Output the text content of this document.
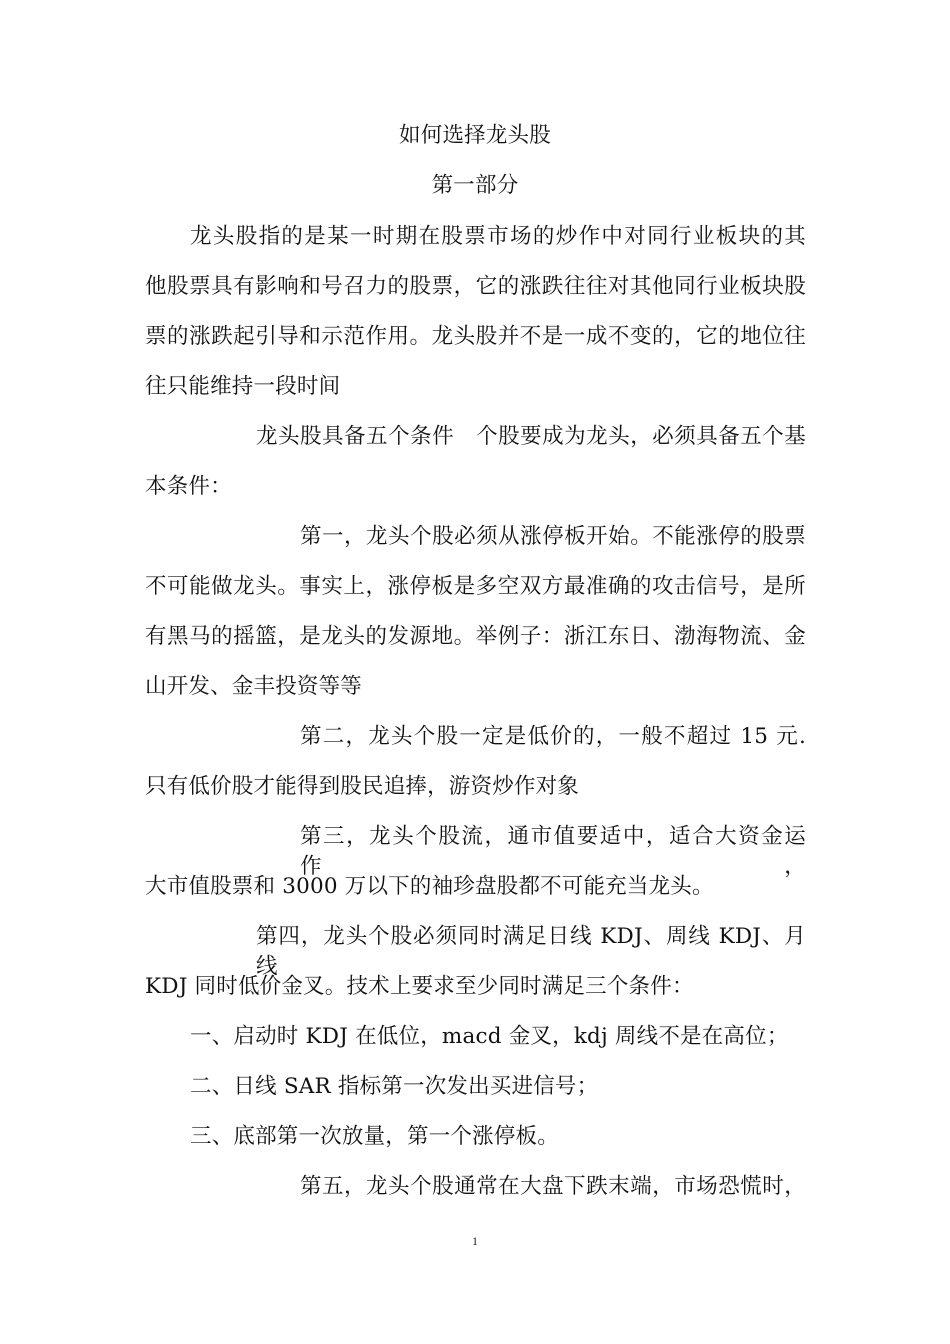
如何选择龙头股
第一部分
龙头股指的是某一时期在股票市场的炒作中对同行业板块的其
他股票具有影响和号召力的股票，它的涨跌往往对其他同行业板块股
票的涨跌起引导和示范作用。龙头股并不是一成不变的，它的地位往
往只能维持一段时间
龙头股具备五个条件　个股要成为龙头，必须具备五个基
本条件：
第一，龙头个股必须从涨停板开始。不能涨停的股票
不可能做龙头。事实上，涨停板是多空双方最准确的攻击信号，是所
有黑马的摇篮，是龙头的发源地。举例子：浙江东日、渤海物流、金
山开发、金丰投资等等
第二，龙头个股一定是低价的，一般不超过 15 元.
只有低价股才能得到股民追捧，游资炒作对象
第三，龙头个股流，通市值要适中，适合大资金运作，
大市值股票和 3000 万以下的袖珍盘股都不可能充当龙头。
第四，龙头个股必须同时满足日线 KDJ、周线 KDJ、月线
KDJ 同时低价金叉。技术上要求至少同时满足三个条件：
一、启动时 KDJ 在低位，macd 金叉，kdj 周线不是在高位；
二、日线 SAR 指标第一次发出买进信号；
三、底部第一次放量，第一个涨停板。
第五，龙头个股通常在大盘下跌末端，市场恐慌时，
1
